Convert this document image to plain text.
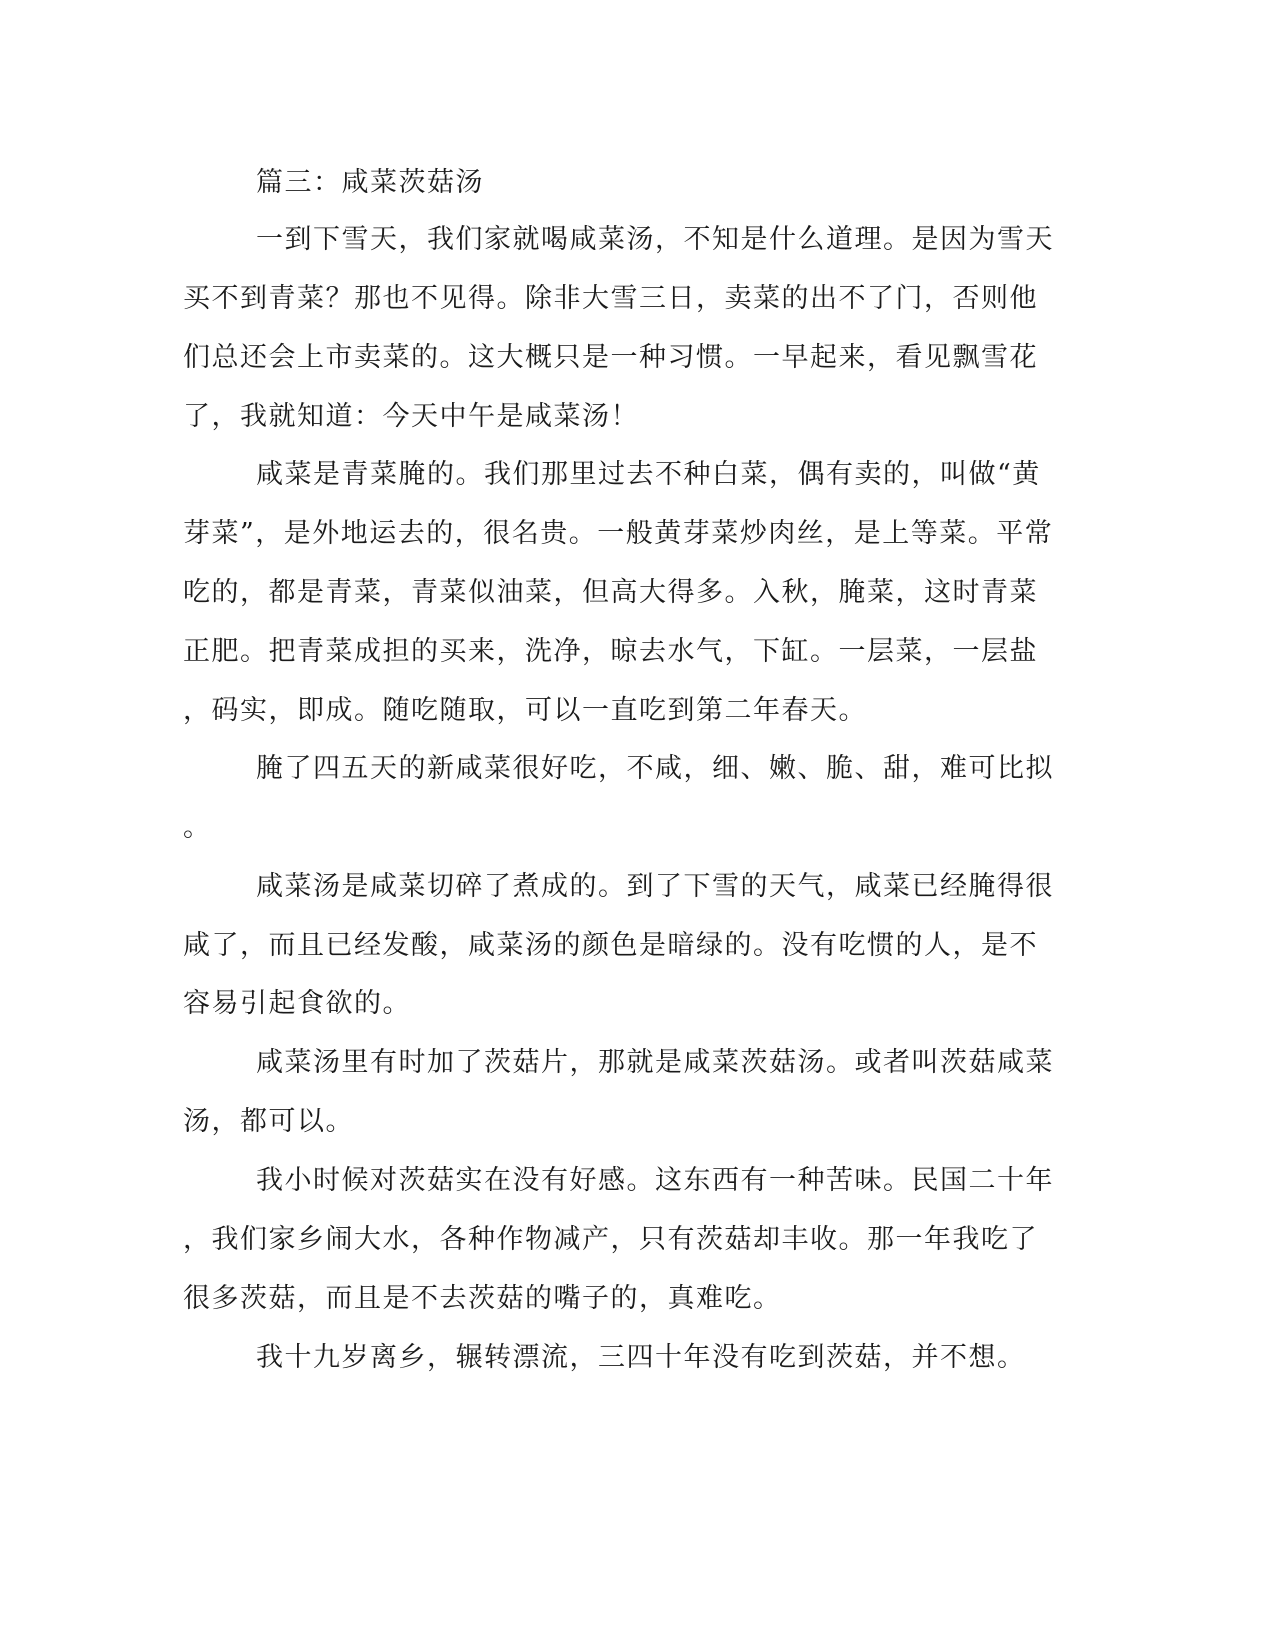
篇三：咸菜茨菇汤
一到下雪天，我们家就喝咸菜汤，不知是什么道理。是因为雪天
买不到青菜？那也不见得。除非大雪三日，卖菜的出不了门，否则他
们总还会上市卖菜的。这大概只是一种习惯。一早起来，看见飘雪花
了，我就知道：今天中午是咸菜汤！
咸菜是青菜腌的。我们那里过去不种白菜，偶有卖的，叫做“黄
芽菜”，是外地运去的，很名贵。一般黄芽菜炒肉丝，是上等菜。平常
吃的，都是青菜，青菜似油菜，但高大得多。入秋，腌菜，这时青菜
正肥。把青菜成担的买来，洗净，晾去水气，下缸。一层菜，一层盐
，码实，即成。随吃随取，可以一直吃到第二年春天。
腌了四五天的新咸菜很好吃，不咸，细、嫩、脆、甜，难可比拟
。
咸菜汤是咸菜切碎了煮成的。到了下雪的天气，咸菜已经腌得很
咸了，而且已经发酸，咸菜汤的颜色是暗绿的。没有吃惯的人，是不
容易引起食欲的。
咸菜汤里有时加了茨菇片，那就是咸菜茨菇汤。或者叫茨菇咸菜
汤，都可以。
我小时候对茨菇实在没有好感。这东西有一种苦味。民国二十年
，我们家乡闹大水，各种作物减产，只有茨菇却丰收。那一年我吃了
很多茨菇，而且是不去茨菇的嘴子的，真难吃。
我十九岁离乡，辗转漂流，三四十年没有吃到茨菇，并不想。
